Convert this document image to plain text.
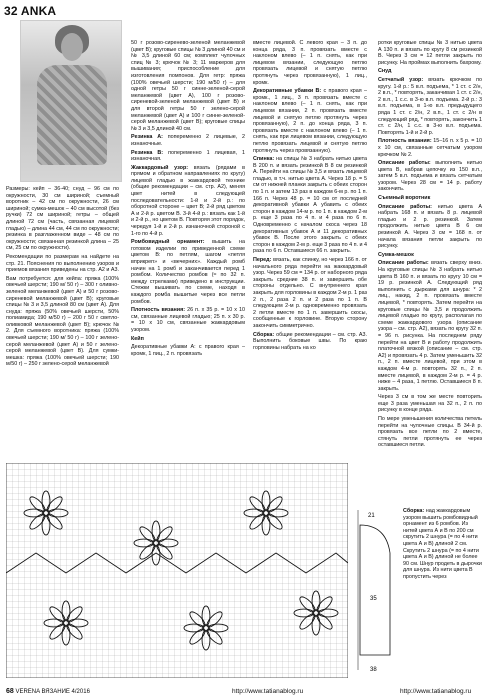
32 ANKA

Размеры: кейп – 36-40; снуд – 96 см по окружности, 30 см шириной; съемный воротник – 42 см по окружности, 26 см шириной; сумка-мешок – 40 см высотой (без ручки) 72 см шириной; гетры – общей длиной 72 см (часть, связанная лицевой гладью) – длина 44 см, 44 см по окружности; резинка в разглаженном виде – 48 см по окружности; связанная резинкой длина – 25 см, 25 см по окружности).

Рекомендации по размерам на найдете на стр. 21. Пояснения по выполнению узоров и приемов вязания приведены на стр. А2 и А3.

Вам потребуется: для кейпа: пряжа (100% овечьей шерсти; 190 м/ 50 г) – 300 г оливно-зеленой меланжевой (цвет А) и 50 г розово-сиреневой меланжевой (цвет В); круговые спицы № 3 и 3,5 длиной 80 см (цвет А). Для снуда: пряжа (50% овечьей шерсти, 50% полиамида; 190 м/50 г) – 200 г 50 г светло-оливковой меланжевой (цвет В); крючок № 2. Для съемного воротника: пряжа (100% овечьей шерсти; 190 м/ 50 г) – 100 г зелено-серой меланжевой (цвет А) и 50 г зелено-серой меланжевой (цвет В). Для сумки-мешка: пряжа (100% овечьей шерсти; 190 м/50 г) – 250 г зелено-серой меланжевой

50 г розово-сиренево-зеленой меланжевой (цвет В); круговые спицы № 3 длиной 40 см и № 3,5 длиной 60 см; комплект чулочных спиц № 3; крючок № 3; 11 маркеров для вышивания; приспособление для изготовления помпонов. Для гетр: пряжа (100% овечьей шерсти; 190 м/50 г) – для одной гетры 50 г синне-зеленой-серой меланжевой (цвет А), 100 г розово-сиреневой-зеленой меланжевой (цвет В) и для второй гетры 50 г зелено-серой меланжевой (цвет А) и 100 г синне-зеленой-серой меланжевой (цвет В); круговые спицы № 3 и 3,5 длиной 40 см.

Резинка А: попеременно 2 лицевые, 2 изнаночные.

Резинка В: попеременно 1 лицевая, 1 изнаночная.

Жаккардовый узор: вязать (рядами в прямом и обратном направлениях по кругу) лицевой гладью в жаккардовой технике (общие рекомендации – см. стр. А2), меняя цвет нитей в следующей последовательности: 1-й и 2-й р.: по оборотной стороне – цвет В; 2-й ряд цветом А и 2-й р. цветом В. 3-й 4-й р.: вязать как 1-й и 2-й р., но цветом В. Повторяя этот порядок, чередуя 1-й и 2-й р. изнаночной стороной с 1-го по 4-й р.

Ромбовидный орнамент: вышить на готовом изделии по приведенной схеме цветом В: по петлям, шагом «петля вприкреп» и «вечерних». Каждый ромб начин на 1 ромб и заканчивается перед 1 ромбом. Количество ромбов (≈ по 32 п. между стрелками) приведено в инструкции. Стежки вышивать по схеме, находя в каждого ромба вышитые через все петли ромбов.

Плотность вязания: 26 п. х 35 р. = 10 х 10 см, связанные лицевой гладью; 25 п. х 30 р. = 10 х 10 см, связанные жаккардовым узором.

Кейп

Декоративные убавки А: с правого края – кромк, 1 пиц., 2 п. провязать

вместе лицевой. С левого края – 3 п. до конца ряда, 3 п. провязать вместе с наклоном влево (– 1 п. снять, как при лицевом вязании, следующую петлю провязать лицевой и снятую петлю протянуть через провязанную), 1 лиц., кромк.

Декоративные убавки В: с правого края – кромк., 1 лиц., 3 п. провязать вместе с наклоном влево (– 1 п. снять, как при лицевом вязании, 2 п. провязать вместе лицевой и снятую петлю протянуть через провязанную), 2 п. до конца ряда, 3 п. провязать вместе с наклоном влево (– 1 п. снять, как при лицевом вязании, следующую петлю провязать лицевой и снятую петлю протянуть через провязанную).

Спинка: на спицы № 3 набрать нитью цвета В 200 п. и вязать резинкой В 8 см резинкой А. Перейти на спицы № 3,5 и вязать лицевой гладью, в т.ч. нитью цвета А. Через 18 р. = 5 см от нижней планки закрыть с обеих сторон по 1 п. и затем 13 раз в каждом 6-м р. по 1 п. 166 п. Через 48 р. = 10 см от последней декоративной убавки А убавить с обеих сторон в каждом 14-м р. по 1 п. в каждом 2-м р. еще 3 раза по 4 п. и 4 раза по 6 п. Одновременно с началом скоса через 18 декоративных убавок А и 11 декоративных убавок В. После этого закрыть с обеих сторон в каждом 2-м р. еще 3 раза по 4 п. и 4 раза по 6 п. Оставшиеся 66 п. закрыть.

Перед: вязать, как спинку, но через 166 п. от начального ряда перейти на жаккардовый узор. Через 59 см = 134 р. от наборного ряда закрыть средние 38 п. и завершить обе стороны отдельно. С внутреннего края закрыть для горловины в каждом 2-м р. 1 раз 2 п., 2 раза 2 п. и 2 раза по 1 п. В следующем 2-м р. одновременно провязать 2 петли вместе по 1 п. завершить скосы, сообщенные к горловине. Вторую сторону закончить симметрично.

Сборка: общие рекомендации – см. стр. А3. Выполнить боковые швы. По краю горловины набрать на ко

ротки круговые спицы № 3 нитью цвета А 130 п. и вязать по кругу 8 см резинкой В. Через 3 см = 12 петли закрыть по рисунку. На проймах выполнить бахрому.

Снуд

Сетчатый узор: вязать крючком по кругу. 1-й р.: 5 в.п. подъема, * 1 ст. с 2/н, 2 в.п., * повторять, заканчивая 1 ст. с 2/н, 2 в.п., 1 с.с. в 3-ю в.п. подъема. 2-й р.: 3 в.п. подъема, в 1-ю в.п. предыдущего ряда 1 ст. с 2/н, 2 в.п., 1 ст. с 2/н в следующий ряд, * повторять, закончить 1 ст. с 2/н, 1 с.с. в 3-ю в.п. подъема. Повторять 1-й и 2-й р.

Плотность вязания: 15–16 п. х 5 р. = 10 х 10 см, связанные сетчатым узором крючком № 2.

Описание работы: выполнить нитью цвета В, набрав цепочку из 150 в.п., затем 5 в.п. подъема и вязать сетчатым узором. Через 28 см = 14 р. работу закончить.

Съемный воротник

Описание работы: нитью цвета А набрать 168 п. и вязать 8 р. лицевой гладью и 2 р. резинкой. Затем продолжить нитью цвета В 6 см резинкой А. Через 3 см = 168 п. от начала вязания петли закрыть по рисунку.

Сумка-мешок

Описание работы: вязать сверху вниз. На круговые спицы № 3 набрать нитью цвета В 160 п. и вязать по кругу 10 см = 19 р. резинкой А. Следующий ряд выполнить с дырками для шнура: * 2 лиц., накид, 2 п. провязать вместе лицевой, * повторять. Затем перейти на круговые спицы № 3,5 и продолжить лицевой гладью по кругу, располагая по схеме жаккардового узора (описание узора – см. стр. А2), вязать по кругу 32 п. = 96 п. рисунка. На последнем ряду перейти на цвет В и работу продолжить платочной вязкой (описание – см. стр. А2) и провязать 4 р. Затем уменьшить 32 п., 2 п. вместе лицевой, при этом в каждом 4-м р. повторять 32 п., 2 п. вместе лицевой, в каждом 2-м р. = 4 р. ниже – 4 раза, 1 петлю. Оставшиеся 8 п. закрыть.

Через 3 см в том же месте повторить еще 3 раза уменьшая на 32 п., 2 п. по рисунку в конце ряда.

По мере уменьшения количества петель перейти на чулочные спицы. В 34-й р. провязать все петли по 2 вместе, стянуть петли протянуть ее через оставшиеся петли.

21
35
38
Сборка: над жаккардовым узором вышить ромбовидный орнамент из 6 ромбов. Из нитей цвета А и В по 200 см скрутить 2 шнура (= по 4 нити цвета А и В) длиной 2 см. Скрутить 2 шнура (= по 4 нити цвета А и В) длиной не более 90 см. Шнур продеть в дырочки для шнура. Из нити цвета В пропустить через
68 VERENA ВЯЗАНИЕ 4/2016	http://www.tatianablog.ru	http://www.tatianablog.ru
